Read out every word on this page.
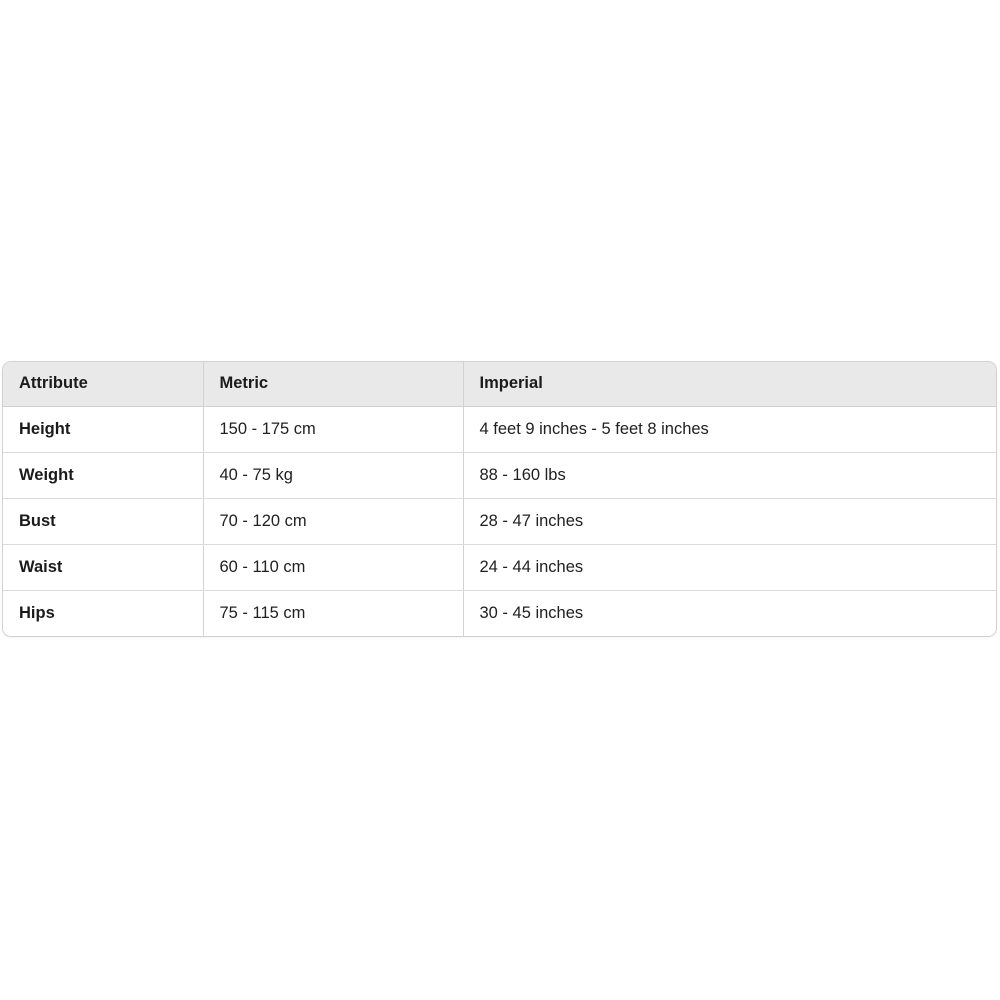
Attribute	Metric	Imperial
Height	150 - 175 cm	4 feet 9 inches - 5 feet 8 inches
Weight	40 - 75 kg	88 - 160 lbs
Bust	70 - 120 cm	28 - 47 inches
Waist	60 - 110 cm	24 - 44 inches
Hips	75 - 115 cm	30 - 45 inches
